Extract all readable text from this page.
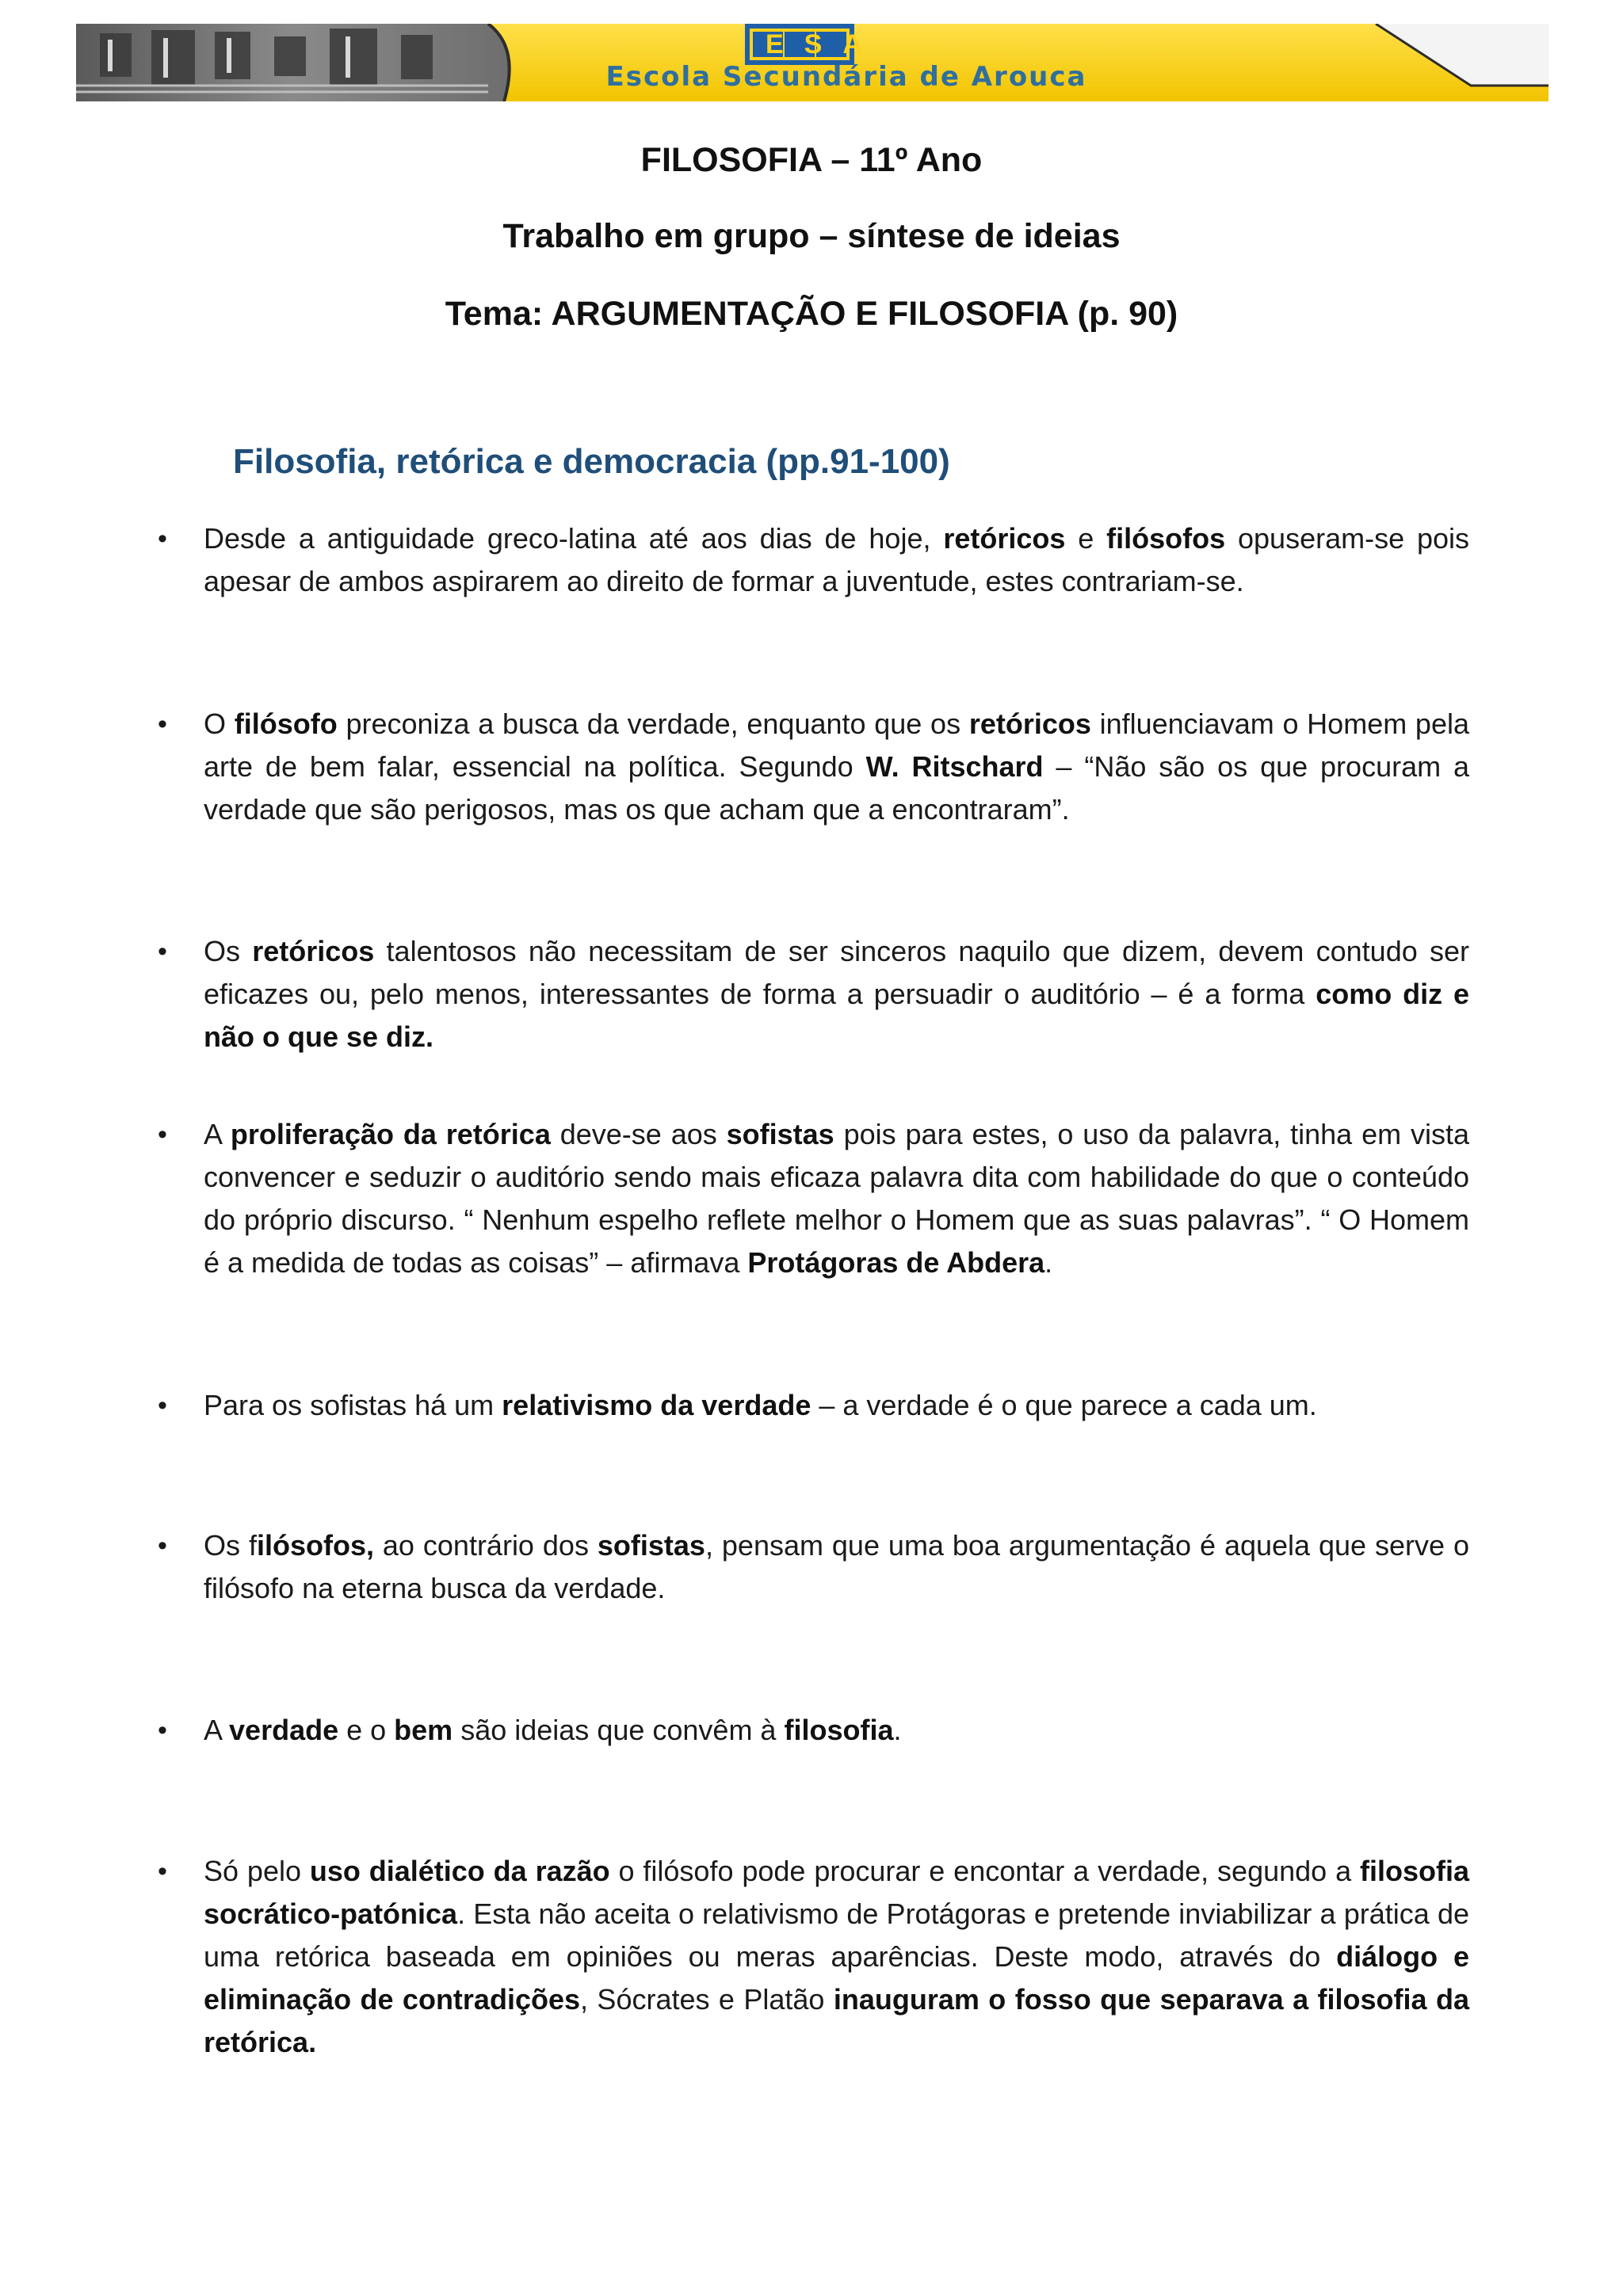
ESA
Escola Secundária de Arouca
FILOSOFIA – 11º Ano
Trabalho em grupo – síntese de ideias
Tema: ARGUMENTAÇÃO E FILOSOFIA (p. 90)
Filosofia, retórica e democracia (pp.91-100)
• Desde a antiguidade greco-latina até aos dias de hoje, retóricos e filósofos opuseram-se pois apesar de ambos aspirarem ao direito de formar a juventude, estes contrariam-se.
• O filósofo preconiza a busca da verdade, enquanto que os retóricos influenciavam o Homem pela arte de bem falar, essencial na política. Segundo W. Ritschard – “Não são os que procuram a verdade que são perigosos, mas os que acham que a encontraram”.
• Os retóricos talentosos não necessitam de ser sinceros naquilo que dizem, devem contudo ser eficazes ou, pelo menos, interessantes de forma a persuadir o auditório – é a forma como diz e não o que se diz.
• A proliferação da retórica deve-se aos sofistas pois para estes, o uso da palavra, tinha em vista convencer e seduzir o auditório sendo mais eficaza palavra dita com habilidade do que o conteúdo do próprio discurso. “ Nenhum espelho reflete melhor o Homem que as suas palavras”. “ O Homem é a medida de todas as coisas” – afirmava Protágoras de Abdera.
• Para os sofistas há um relativismo da verdade – a verdade é o que parece a cada um.
• Os filósofos, ao contrário dos sofistas, pensam que uma boa argumentação é aquela que serve o filósofo na eterna busca da verdade.
• A verdade e o bem são ideias que convêm à filosofia.
• Só pelo uso dialético da razão o filósofo pode procurar e encontar a verdade, segundo a filosofia socrático-patónica. Esta não aceita o relativismo de Protágoras e pretende inviabilizar a prática de uma retórica baseada em opiniões ou meras aparências. Deste modo, através do diálogo e eliminação de contradições, Sócrates e Platão inauguram o fosso que separava a filosofia da retórica.
